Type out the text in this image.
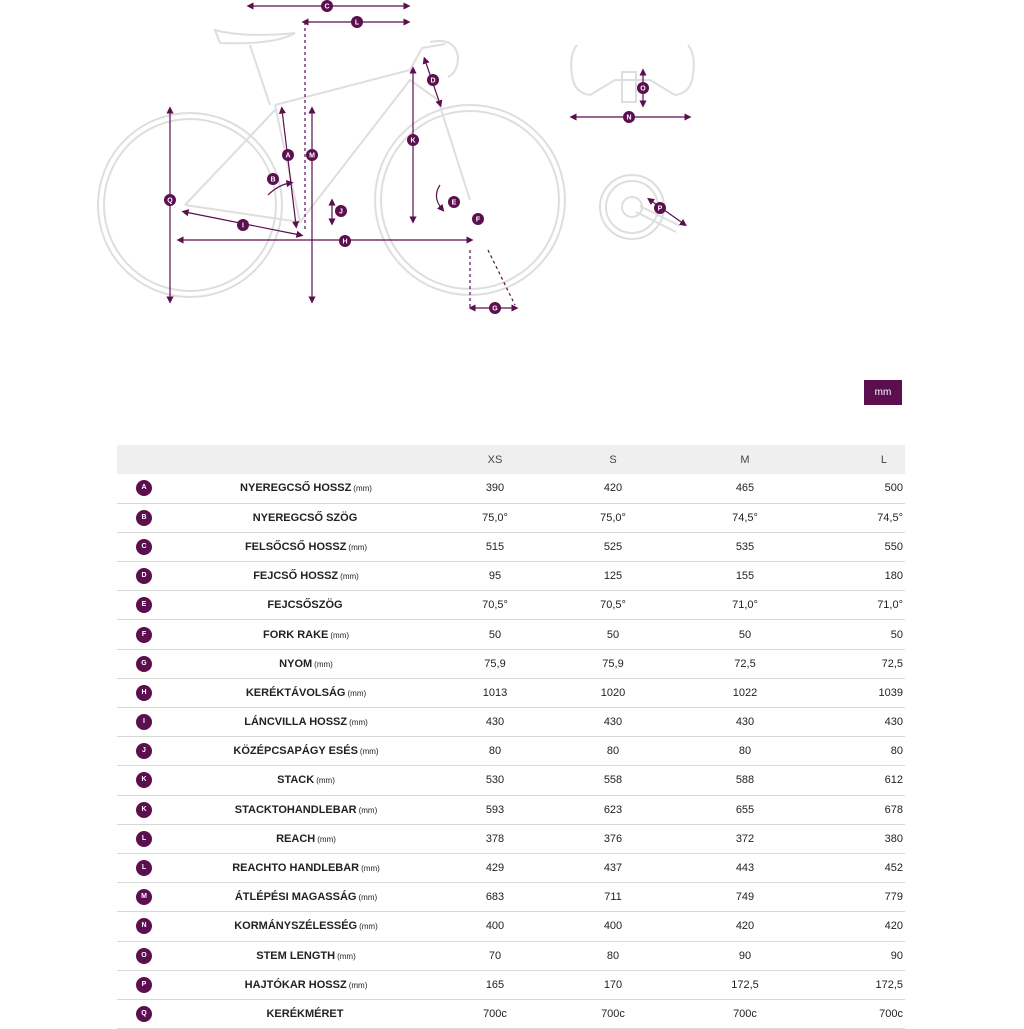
C
L
D
O
N
A	M
K
B
Q	E
J	P
F
I
H
G
mm
		XS	S	M	L
A	NYEREGCSŐ HOSSZ (mm)	390	420	465	500
B	NYEREGCSŐ SZÖG	75,0°	75,0°	74,5°	74,5°
C	FELSŐCSŐ HOSSZ (mm)	515	525	535	550
D	FEJCSŐ HOSSZ (mm)	95	125	155	180
E	FEJCSŐSZÖG	70,5°	70,5°	71,0°	71,0°
F	FORK RAKE (mm)	50	50	50	50
G	NYOM (mm)	75,9	75,9	72,5	72,5
H	KERÉKTÁVOLSÁG (mm)	1013	1020	1022	1039
I	LÁNCVILLA HOSSZ (mm)	430	430	430	430
J	KÖZÉPCSAPÁGY ESÉS (mm)	80	80	80	80
K	STACK (mm)	530	558	588	612
K	STACKTOHANDLEBAR (mm)	593	623	655	678
L	REACH (mm)	378	376	372	380
L	REACHTO HANDLEBAR (mm)	429	437	443	452
M	ÁTLÉPÉSI MAGASSÁG (mm)	683	711	749	779
N	KORMÁNYSZÉLESSÉG (mm)	400	400	420	420
O	STEM LENGTH (mm)	70	80	90	90
P	HAJTÓKAR HOSSZ (mm)	165	170	172,5	172,5
Q	KERÉKMÉRET	700c	700c	700c	700c
